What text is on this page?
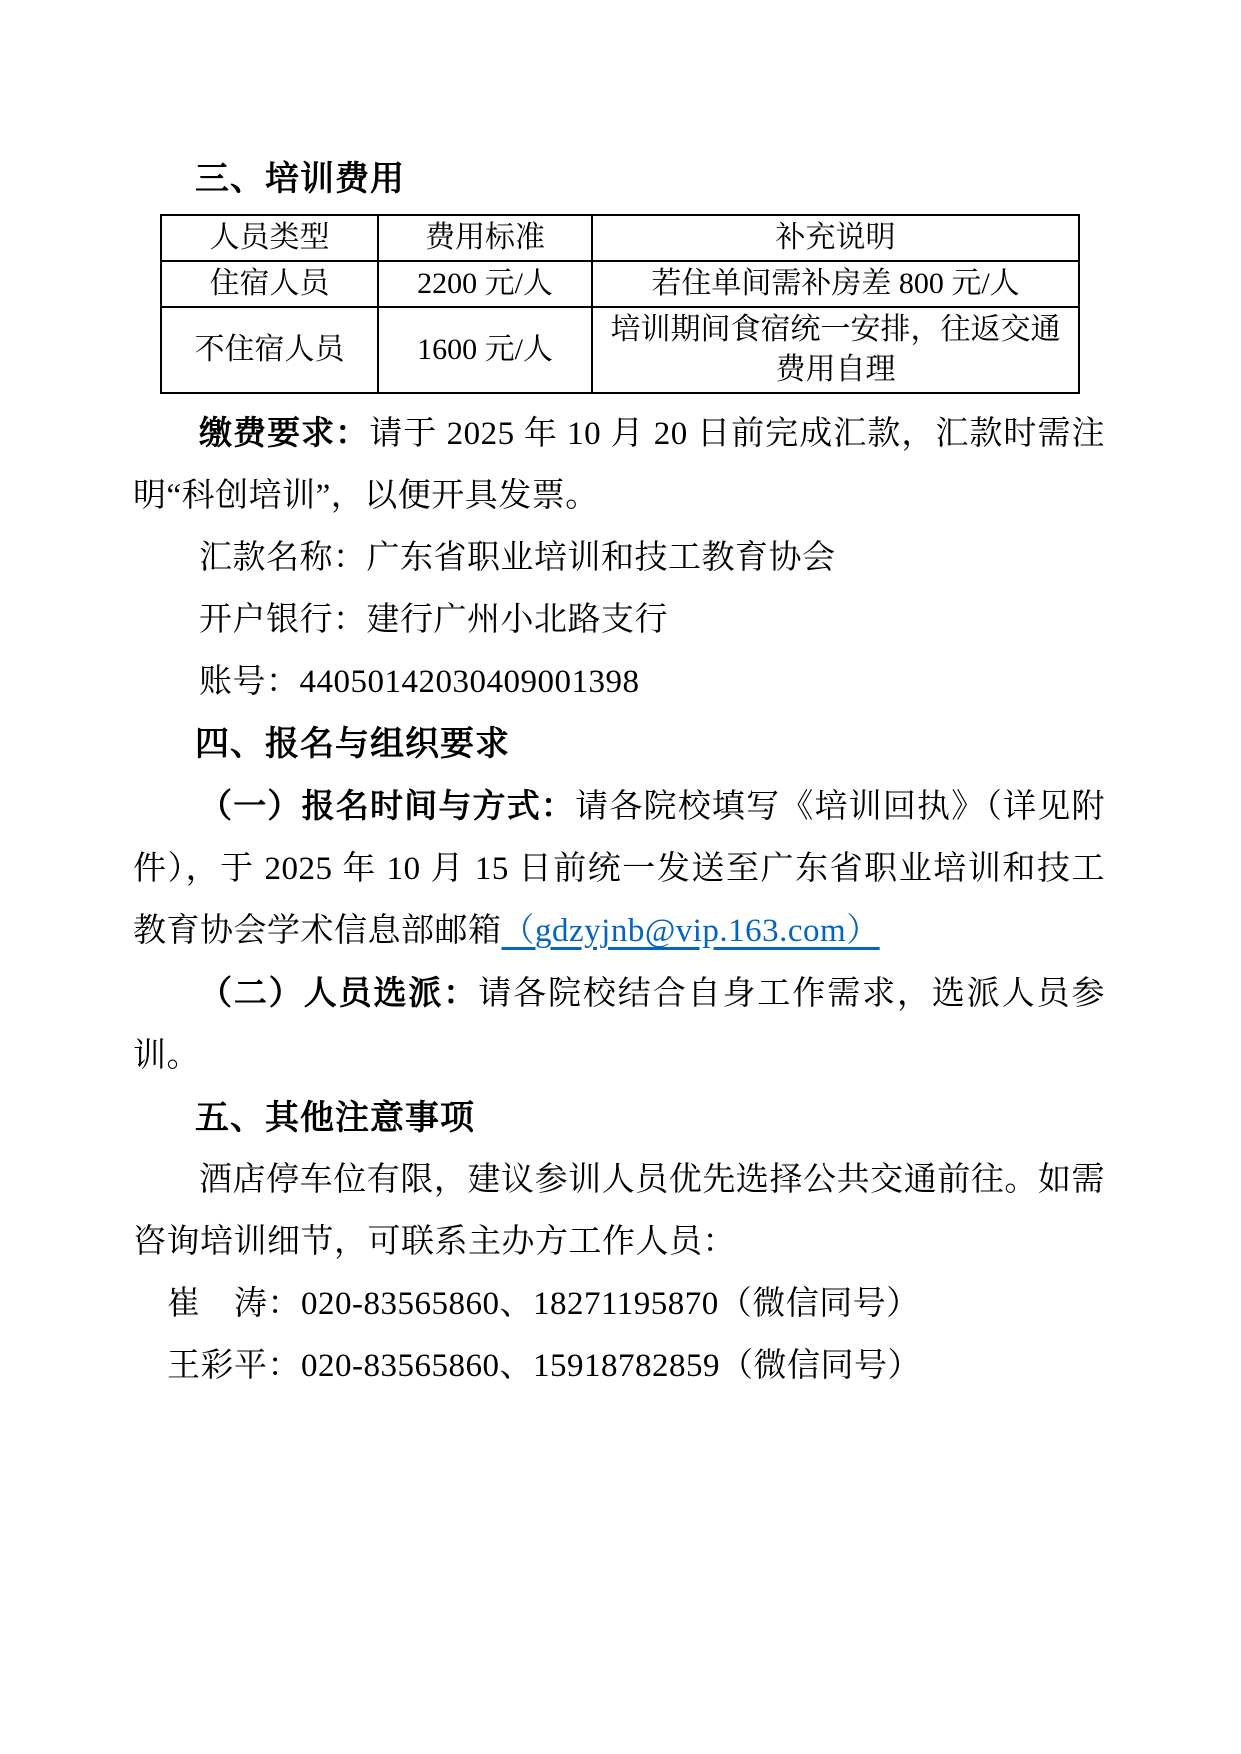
三、培训费用
人员类型	费用标准	补充说明
住宿人员	2200 元/人	若住单间需补房差 800 元/人
不住宿人员	1600 元/人	培训期间食宿统一安排，往返交通费用自理

缴费要求：请于 2025 年 10 月 20 日前完成汇款，汇款时需注明“科创培训”，以便开具发票。

汇款名称：广东省职业培训和技工教育协会

开户银行：建行广州小北路支行

账号：44050142030409001398

四、报名与组织要求

（一）报名时间与方式：请各院校填写《培训回执》（详见附件），于 2025 年 10 月 15 日前统一发送至广东省职业培训和技工教育协会学术信息部邮箱（gdzyjnb@vip.163.com）

（二）人员选派：请各院校结合自身工作需求，选派人员参训。

五、其他注意事项

酒店停车位有限，建议参训人员优先选择公共交通前往。如需咨询培训细节，可联系主办方工作人员：

崔　涛：020-83565860、18271195870（微信同号）

王彩平：020-83565860、15918782859（微信同号）
